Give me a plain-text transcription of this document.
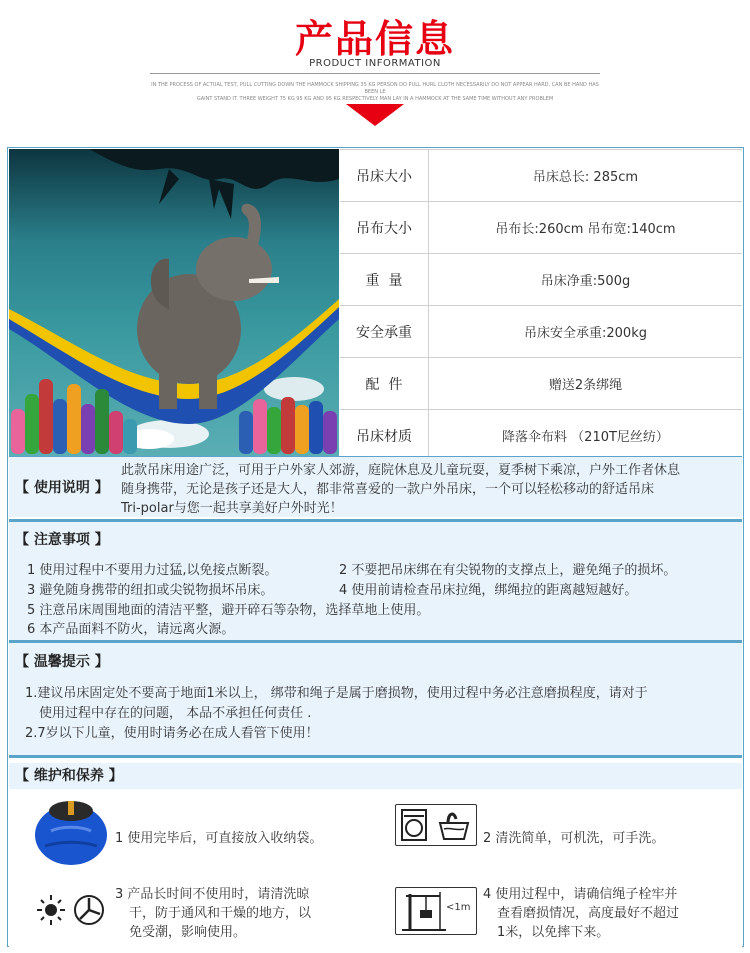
产品信息
PRODUCT INFORMATION
IN THE PROCESS OF ACTUAL TEST, PULL CUTTING DOWN THE HAMMOCK SHIPPING 35 KG PERSON DO PULL HURL CLOTH NECESSARILY DO NOT APPEAR HARD, CAN BE HAND HAS BEEN LE
GAINT STAND IT. THREE WEIGHT 75 KG 95 KG AND 95 KG RESPECTIVELY MAN LAY IN A HAMMOCK AT THE SAME TIME WITHOUT ANY PROBLEM
吊床大小	吊床总长: 285cm
吊布大小	吊布长:260cm 吊布宽:140cm
重  量	吊床净重:500g
安全承重	吊床安全承重:200kg
配  件	赠送2条绑绳
吊床材质	降落伞布料 （210T尼丝纺）
【 使用说明 】
此款吊床用途广泛，可用于户外家人郊游，庭院休息及儿童玩耍，夏季树下乘凉，户外工作者休息
随身携带，无论是孩子还是大人，都非常喜爱的一款户外吊床，一个可以轻松移动的舒适吊床
Tri-polar与您一起共享美好户外时光！
【 注意事项 】
1 使用过程中不要用力过猛,以免接点断裂。	2 不要把吊床绑在有尖锐物的支撑点上，避免绳子的损坏。
3 避免随身携带的纽扣或尖锐物损坏吊床。	4 使用前请检查吊床拉绳，绑绳拉的距离越短越好。
5 注意吊床周围地面的清洁平整，避开碎石等杂物，选择草地上使用。
6 本产品面料不防火，请远离火源。
【 温馨提示 】
1.建议吊床固定处不要高于地面1米以上， 绑带和绳子是属于磨损物，使用过程中务必注意磨损程度，请对于
使用过程中存在的问题， 本品不承担任何责任 .
2.7岁以下儿童，使用时请务必在成人看管下使用！
【 维护和保养 】
1 使用完毕后，可直接放入收纳袋。	2 清洗简单，可机洗，可手洗。
3 产品长时间不使用时，请清洗晾
干，防于通风和干燥的地方，以
免受潮，影响使用。
<1m
4 使用过程中，请确信绳子栓牢并
查看磨损情况，高度最好不超过
1米，以免摔下来。
